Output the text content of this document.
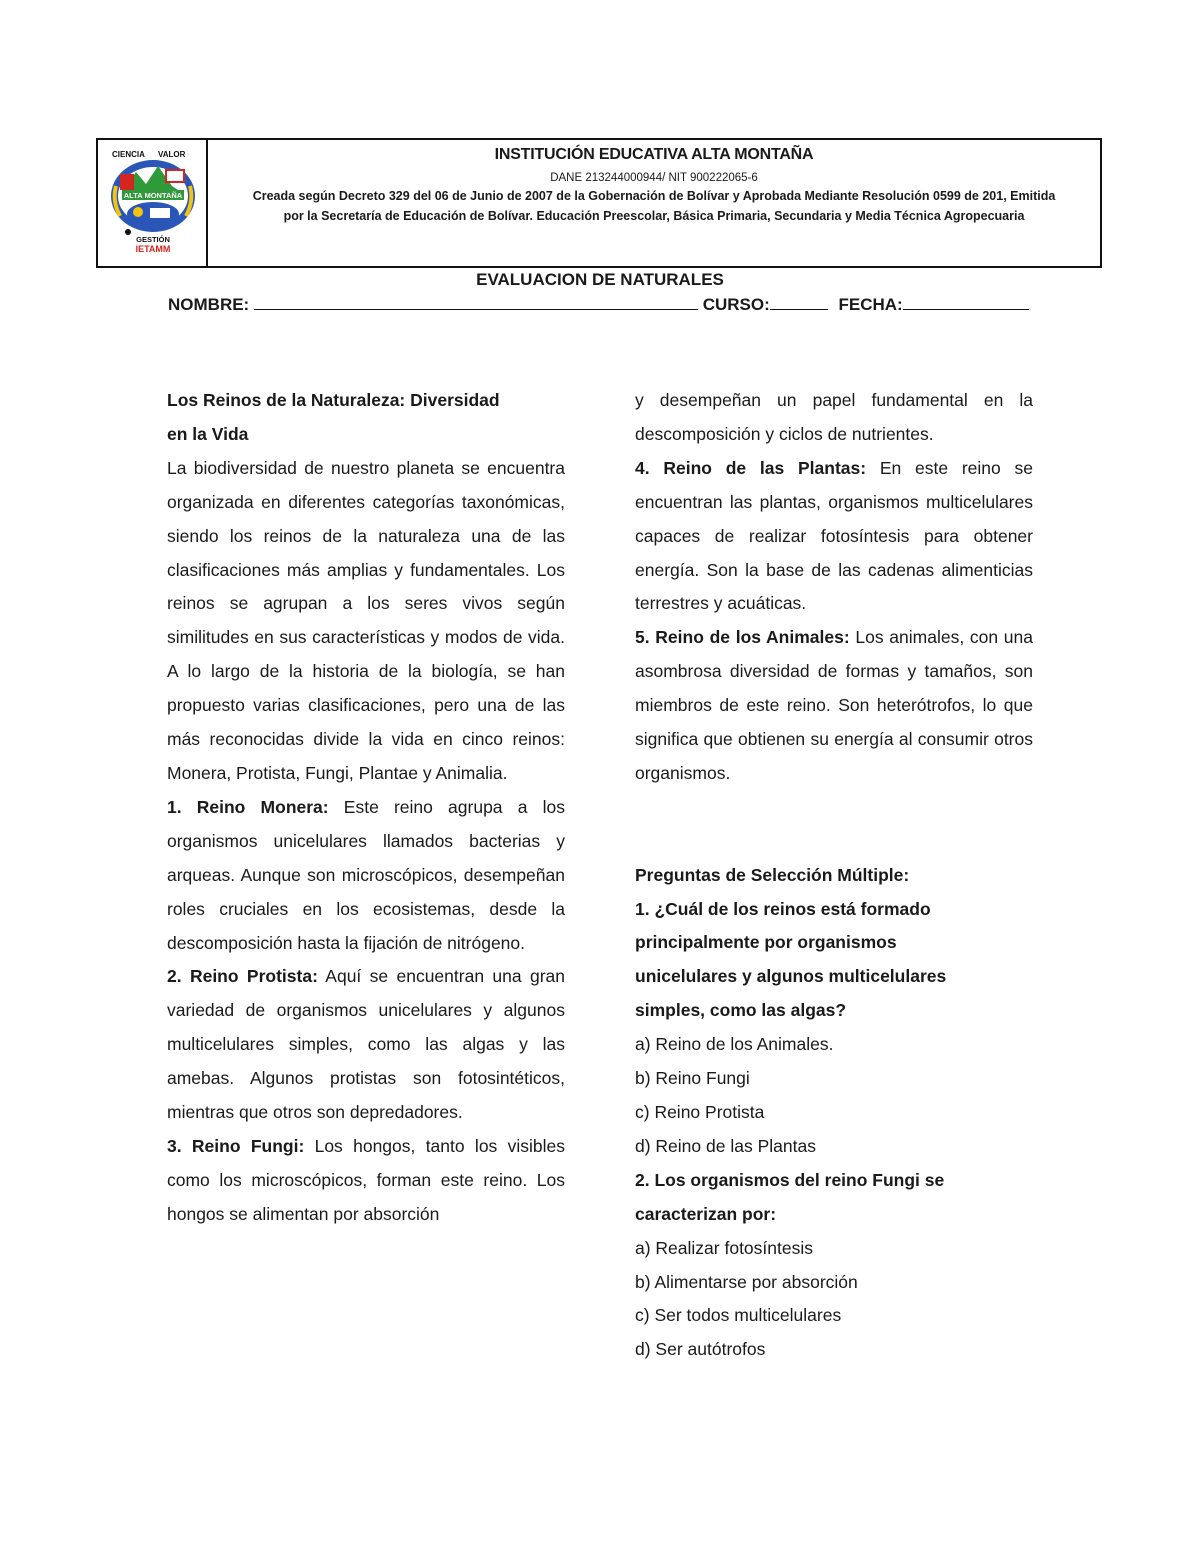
CIENCIA VALOR
ALTA MONTAÑA
GESTIÓN
IETAMM
INSTITUCIÓN EDUCATIVA ALTA MONTAÑA
DANE 213244000944/ NIT 900222065-6
Creada según Decreto 329 del 06 de Junio de 2007 de la Gobernación de Bolívar y Aprobada Mediante Resolución 0599 de 201, Emitida
por la Secretaría de Educación de Bolívar. Educación Preescolar, Básica Primaria, Secundaria y Media Técnica Agropecuaria
EVALUACION DE NATURALES
NOMBRE:	CURSO:	FECHA:

Los Reinos de la Naturaleza: Diversidad

en la Vida

La biodiversidad de nuestro planeta se encuentra organizada en diferentes categorías taxonómicas, siendo los reinos de la naturaleza una de las clasificaciones más amplias y fundamentales. Los reinos se agrupan a los seres vivos según similitudes en sus características y modos de vida. A lo largo de la historia de la biología, se han propuesto varias clasificaciones, pero una de las más reconocidas divide la vida en cinco reinos: Monera, Protista, Fungi, Plantae y Animalia.

1. Reino Monera: Este reino agrupa a los organismos unicelulares llamados bacterias y arqueas. Aunque son microscópicos, desempeñan roles cruciales en los ecosistemas, desde la descomposición hasta la fijación de nitrógeno.

2. Reino Protista: Aquí se encuentran una gran variedad de organismos unicelulares y algunos multicelulares simples, como las algas y las amebas. Algunos protistas son fotosintéticos, mientras que otros son depredadores.

3. Reino Fungi: Los hongos, tanto los visibles como los microscópicos, forman este reino. Los hongos se alimentan por absorción

y desempeñan un papel fundamental en la descomposición y ciclos de nutrientes.

4. Reino de las Plantas: En este reino se encuentran las plantas, organismos multicelulares capaces de realizar fotosíntesis para obtener energía. Son la base de las cadenas alimenticias terrestres y acuáticas.

5. Reino de los Animales: Los animales, con una asombrosa diversidad de formas y tamaños, son miembros de este reino. Son heterótrofos, lo que significa que obtienen su energía al consumir otros organismos.

Preguntas de Selección Múltiple:

1. ¿Cuál de los reinos está formado

principalmente por organismos

unicelulares y algunos multicelulares

simples, como las algas?

a) Reino de los Animales.

b) Reino Fungi

c) Reino Protista

d) Reino de las Plantas

2. Los organismos del reino Fungi se

caracterizan por:

a) Realizar fotosíntesis

b) Alimentarse por absorción

c) Ser todos multicelulares

d) Ser autótrofos
